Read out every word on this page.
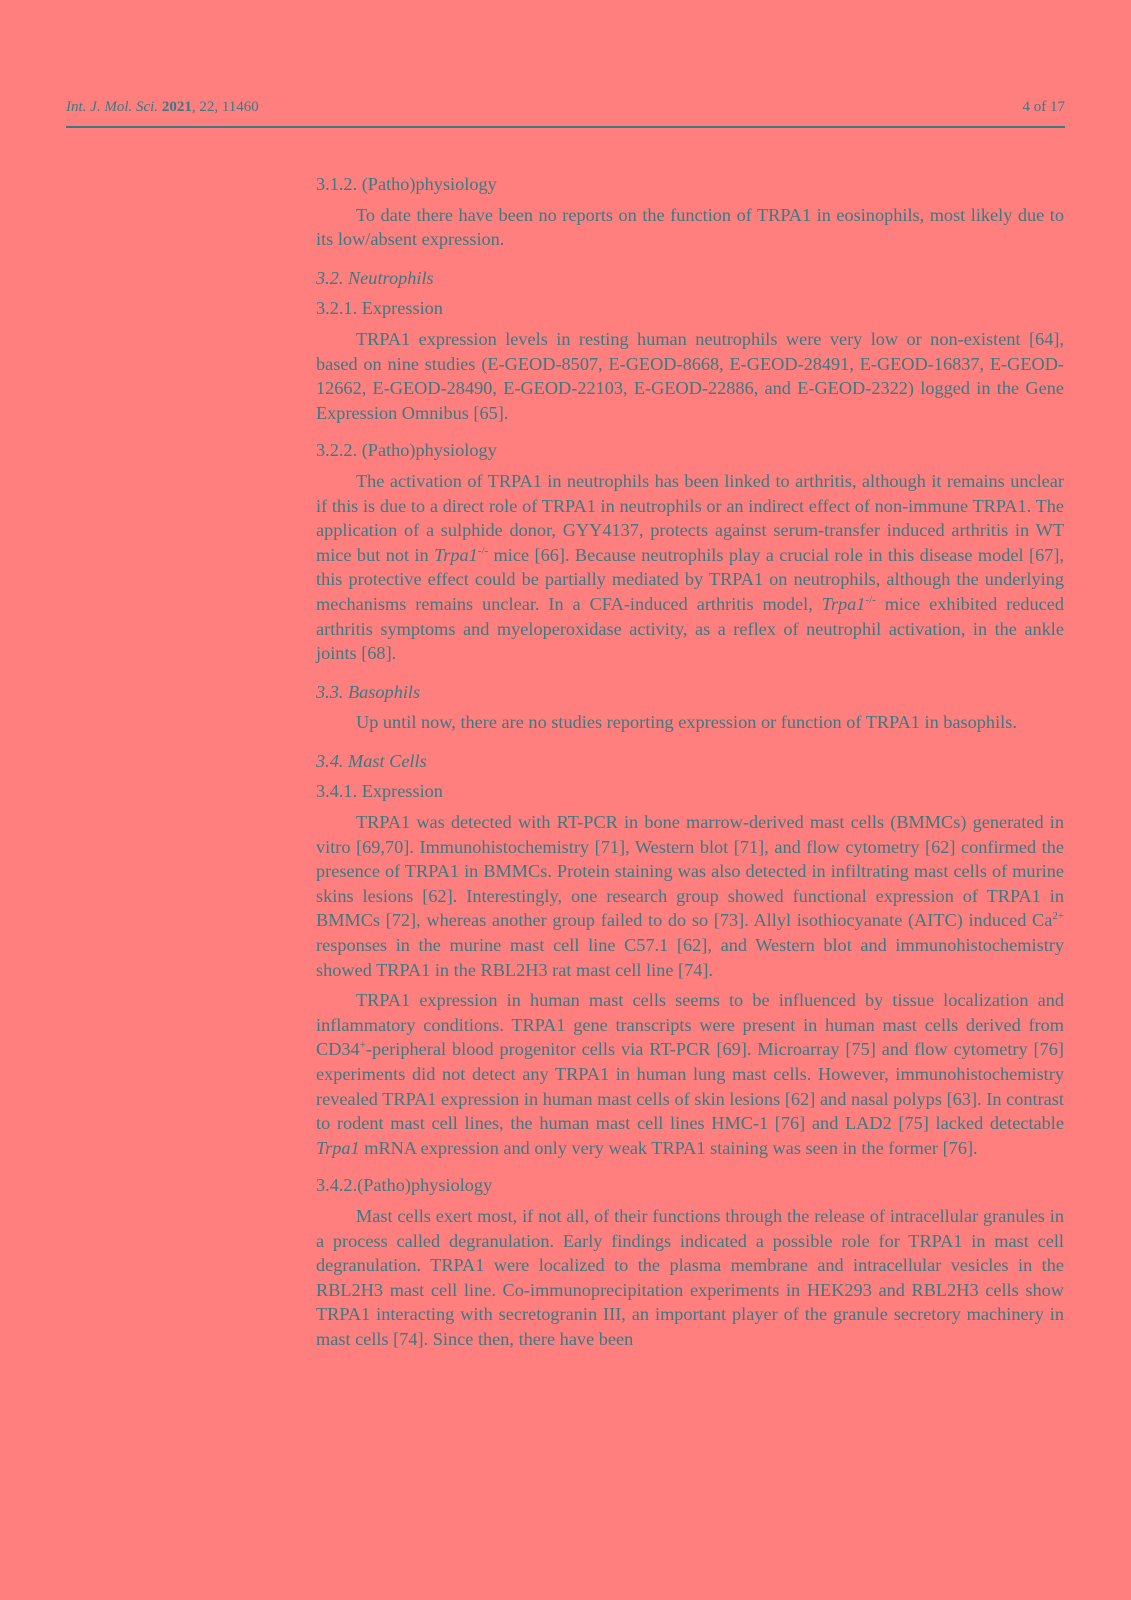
Int. J. Mol. Sci. 2021, 22, 11460	4 of 17
3.1.2. (Patho)physiology

To date there have been no reports on the function of TRPA1 in eosinophils, most likely due to its low/absent expression.

3.2. Neutrophils
3.2.1. Expression

TRPA1 expression levels in resting human neutrophils were very low or non-existent [64], based on nine studies (E-GEOD-8507, E-GEOD-8668, E-GEOD-28491, E-GEOD-16837, E-GEOD-12662, E-GEOD-28490, E-GEOD-22103, E-GEOD-22886, and E-GEOD-2322) logged in the Gene Expression Omnibus [65].

3.2.2. (Patho)physiology

The activation of TRPA1 in neutrophils has been linked to arthritis, although it remains unclear if this is due to a direct role of TRPA1 in neutrophils or an indirect effect of non-immune TRPA1. The application of a sulphide donor, GYY4137, protects against serum-transfer induced arthritis in WT mice but not in Trpa1-/- mice [66]. Because neutrophils play a crucial role in this disease model [67], this protective effect could be partially mediated by TRPA1 on neutrophils, although the underlying mechanisms remains unclear. In a CFA-induced arthritis model, Trpa1-/- mice exhibited reduced arthritis symptoms and myeloperoxidase activity, as a reflex of neutrophil activation, in the ankle joints [68].

3.3. Basophils

Up until now, there are no studies reporting expression or function of TRPA1 in basophils.

3.4. Mast Cells
3.4.1. Expression

TRPA1 was detected with RT-PCR in bone marrow-derived mast cells (BMMCs) generated in vitro [69,70]. Immunohistochemistry [71], Western blot [71], and flow cytometry [62] confirmed the presence of TRPA1 in BMMCs. Protein staining was also detected in infiltrating mast cells of murine skins lesions [62]. Interestingly, one research group showed functional expression of TRPA1 in BMMCs [72], whereas another group failed to do so [73]. Allyl isothiocyanate (AITC) induced $Ca^{2+}$ responses in the murine mast cell line C57.1 [62], and Western blot and immunohistochemistry showed TRPA1 in the RBL2H3 rat mast cell line [74].

TRPA1 expression in human mast cells seems to be influenced by tissue localization and inflammatory conditions. TRPA1 gene transcripts were present in human mast cells derived from CD34+-peripheral blood progenitor cells via RT-PCR [69]. Microarray [75] and flow cytometry [76] experiments did not detect any TRPA1 in human lung mast cells. However, immunohistochemistry revealed TRPA1 expression in human mast cells of skin lesions [62] and nasal polyps [63]. In contrast to rodent mast cell lines, the human mast cell lines HMC-1 [76] and LAD2 [75] lacked detectable Trpa1 mRNA expression and only very weak TRPA1 staining was seen in the former [76].

3.4.2.(Patho)physiology

Mast cells exert most, if not all, of their functions through the release of intracellular granules in a process called degranulation. Early findings indicated a possible role for TRPA1 in mast cell degranulation. TRPA1 were localized to the plasma membrane and intracellular vesicles in the RBL2H3 mast cell line. Co-immunoprecipitation experiments in HEK293 and RBL2H3 cells show TRPA1 interacting with secretogranin III, an important player of the granule secretory machinery in mast cells [74]. Since then, there have been
